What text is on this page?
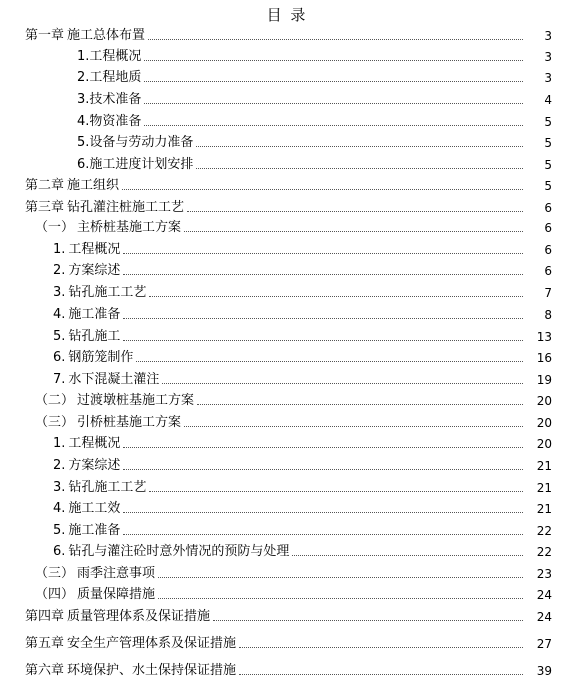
目 录
第一章 施工总体布置	3
1.工程概况	3
2.工程地质	3
3.技术准备	4
4.物资准备	5
5.设备与劳动力准备	5
6.施工进度计划安排	5
第二章 施工组织	5
第三章 钻孔灌注桩施工工艺	6
（一） 主桥桩基施工方案	6
1. 工程概况	6
2. 方案综述	6
3. 钻孔施工工艺	7
4. 施工准备	8
5. 钻孔施工	13
6. 钢筋笼制作	16
7. 水下混凝土灌注	19
（二） 过渡墩桩基施工方案	20
（三） 引桥桩基施工方案	20
1. 工程概况	20
2. 方案综述	21
3. 钻孔施工工艺	21
4. 施工工效	21
5. 施工准备	22
6. 钻孔与灌注砼时意外情况的预防与处理	22
（三） 雨季注意事项	23
（四） 质量保障措施	24
第四章 质量管理体系及保证措施	24
第五章 安全生产管理体系及保证措施	27
第六章 环境保护、水土保持保证措施	39
